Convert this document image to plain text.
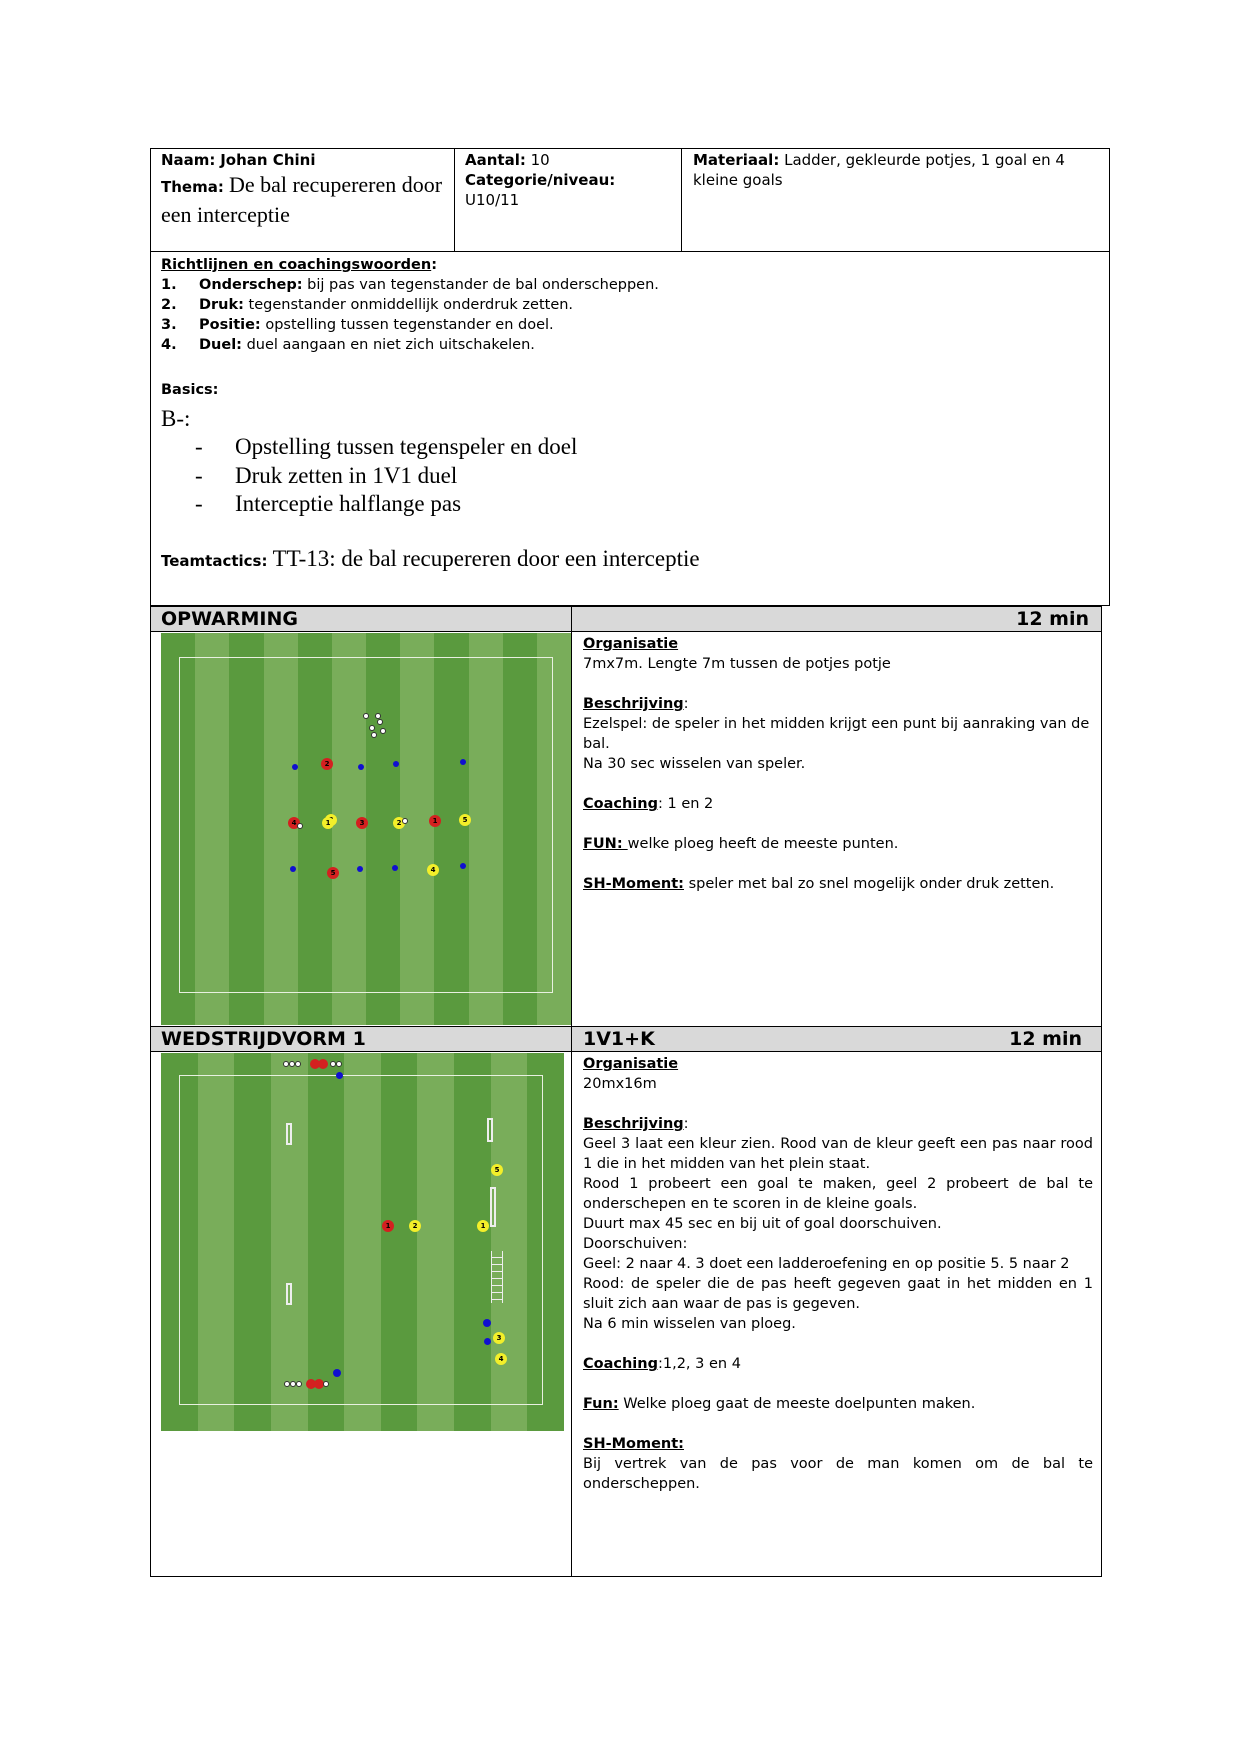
Naam: Johan Chini
Thema: De bal recupereren door een interceptie
Aantal: 10
Categorie/niveau:
U10/11
Materiaal: Ladder, gekleurde potjes, 1 goal en 4 kleine goals
Richtlijnen en coachingswoorden:
1.	Onderschep: bij pas van tegenstander de bal onderscheppen.
2.	Druk: tegenstander onmiddellijk onderdruk zetten.
3.	Positie: opstelling tussen tegenstander en doel.
4.	Duel: duel aangaan en niet zich uitschakelen.
Basics:
B-:
- Opstelling tussen tegenspeler en doel
- Druk zetten in 1V1 duel
- Interceptie halflange pas
Teamtactics: TT-13: de bal recupereren door een interceptie
OPWARMING	12 min
2
4	1	3	2	1	5
5	4
Organisatie
7mx7m. Lengte 7m tussen de potjes potje
Beschrijving:
Ezelspel: de speler in het midden krijgt een punt bij aanraking van de bal.
Na 30 sec wisselen van speler.
Coaching: 1 en 2
FUN: welke ploeg heeft de meeste punten.
SH-Moment: speler met bal zo snel mogelijk onder druk zetten.
WEDSTRIJDVORM 1	1V1+K	12 min
1	2
5
1
3
4
Organisatie
20mx16m
Beschrijving:
Geel 3 laat een kleur zien. Rood van de kleur geeft een pas naar rood 1 die in het midden van het plein staat.
Rood 1 probeert een goal te maken, geel 2 probeert de bal te onderschepen en te scoren in de kleine goals.
Duurt max 45 sec en bij uit of goal doorschuiven.
Doorschuiven:
Geel: 2 naar 4. 3 doet een ladderoefening en op positie 5. 5 naar 2
Rood: de speler die de pas heeft gegeven gaat in het midden en 1 sluit zich aan waar de pas is gegeven.
Na 6 min wisselen van ploeg.
Coaching:1,2, 3 en 4
Fun: Welke ploeg gaat de meeste doelpunten maken.
SH-Moment:
Bij vertrek van de pas voor de man komen om de bal te onderscheppen.
